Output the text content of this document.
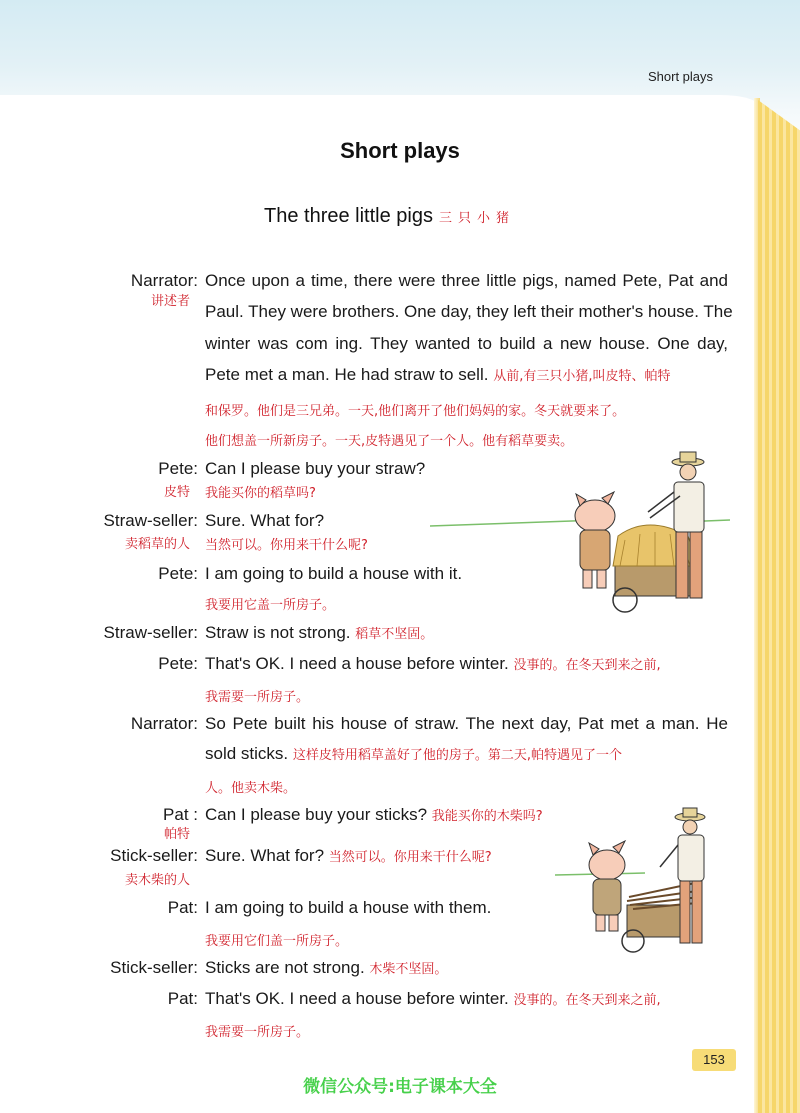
Short plays
Short plays
The three little pigs 三只小猪
Narrator:
讲述者
Once upon a time, there were three little pigs, named Pete, Pat and
Paul. They were brothers. One day, they left their mother's house. The
winter was com ing. They wanted to build a new house. One day,
Pete met a man. He had straw to sell. 从前,有三只小猪,叫皮特、帕特
和保罗。他们是三兄弟。一天,他们离开了他们妈妈的家。冬天就要来了。
他们想盖一所新房子。一天,皮特遇见了一个人。他有稻草要卖。
Pete:
皮特
Can I please buy your straw?
我能买你的稻草吗?
Straw-seller:
卖稻草的人
Sure. What for?
当然可以。你用来干什么呢?
Pete: I am going to build a house with it.
我要用它盖一所房子。
Straw-seller: Straw is not strong. 稻草不坚固。
Pete: That's OK. I need a house before winter. 没事的。在冬天到来之前,
我需要一所房子。
Narrator: So Pete built his house of straw. The next day, Pat met a man. He
sold sticks. 这样皮特用稻草盖好了他的房子。第二天,帕特遇见了一个
人。他卖木柴。
Pat :
帕特
Can I please buy your sticks? 我能买你的木柴吗?
Stick-seller:
卖木柴的人
Sure. What for? 当然可以。你用来干什么呢?
Pat: I am going to build a house with them.
我要用它们盖一所房子。
Stick-seller: Sticks are not strong. 木柴不坚固。
Pat: That's OK. I need a house before winter. 没事的。在冬天到来之前,
我需要一所房子。
153
微信公众号:电子课本大全
